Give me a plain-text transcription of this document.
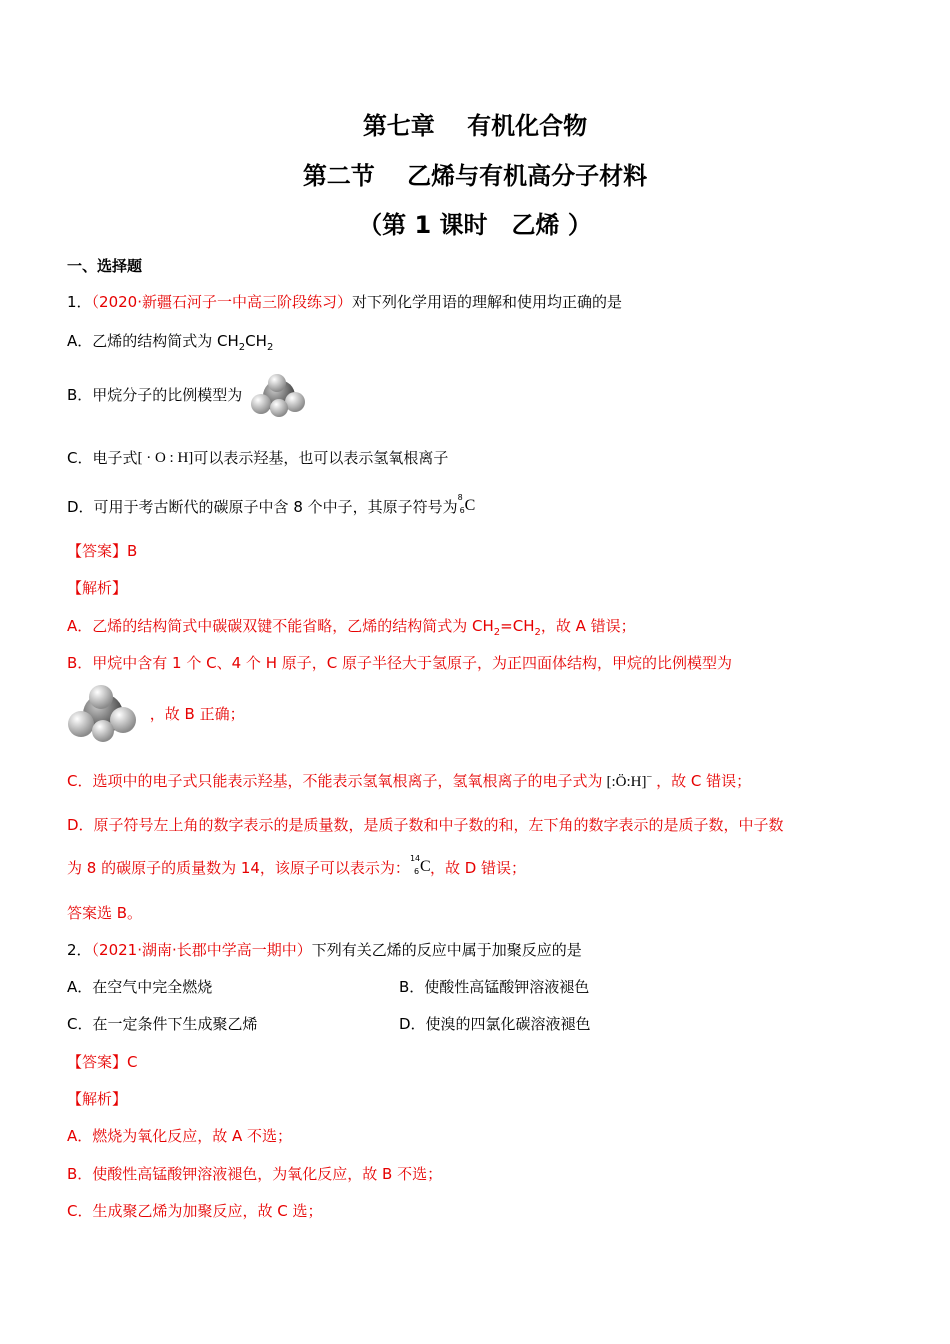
第七章　 有机化合物
第二节　 乙烯与有机高分子材料
（第 1 课时　乙烯 ）
一、选择题
1．（2020·新疆石河子一中高三阶段练习）对下列化学用语的理解和使用均正确的是
A．乙烯的结构简式为 $CH_2CH_2$
B．甲烷分子的比例模型为
C．电子式[ · O : H]可以表示羟基，也可以表示氢氧根离子
D．可用于考古断代的碳原子中含 8 个中子，其原子符号为
8
6 C
【答案】B
【解析】
A．乙烯的结构简式中碳碳双键不能省略，乙烯的结构简式为 $CH_2=CH_2$，故 A 错误；
B．甲烷中含有 1 个 C、4 个 H 原子，C 原子半径大于氢原子，为正四面体结构，甲烷的比例模型为
，故 B 正确；
C．选项中的电子式只能表示羟基，不能表示氢氧根离子，氢氧根离子的电子式为 [:Ö:H]− ，故 C 错误；
D．原子符号左上角的数字表示的是质量数，是质子数和中子数的和，左下角的数字表示的是质子数，中子数
为 8 的碳原子的质量数为 14，该原子可以表示为：
14
6 C ，故 D 错误；
答案选 B。
2．（2021·湖南·长郡中学高一期中）下列有关乙烯的反应中属于加聚反应的是
A．在空气中完全燃烧	B．使酸性高锰酸钾溶液褪色
C．在一定条件下生成聚乙烯	D．使溴的四氯化碳溶液褪色
【答案】C
【解析】
A．燃烧为氧化反应，故 A 不选；
B．使酸性高锰酸钾溶液褪色，为氧化反应，故 B 不选；
C．生成聚乙烯为加聚反应，故 C 选；
